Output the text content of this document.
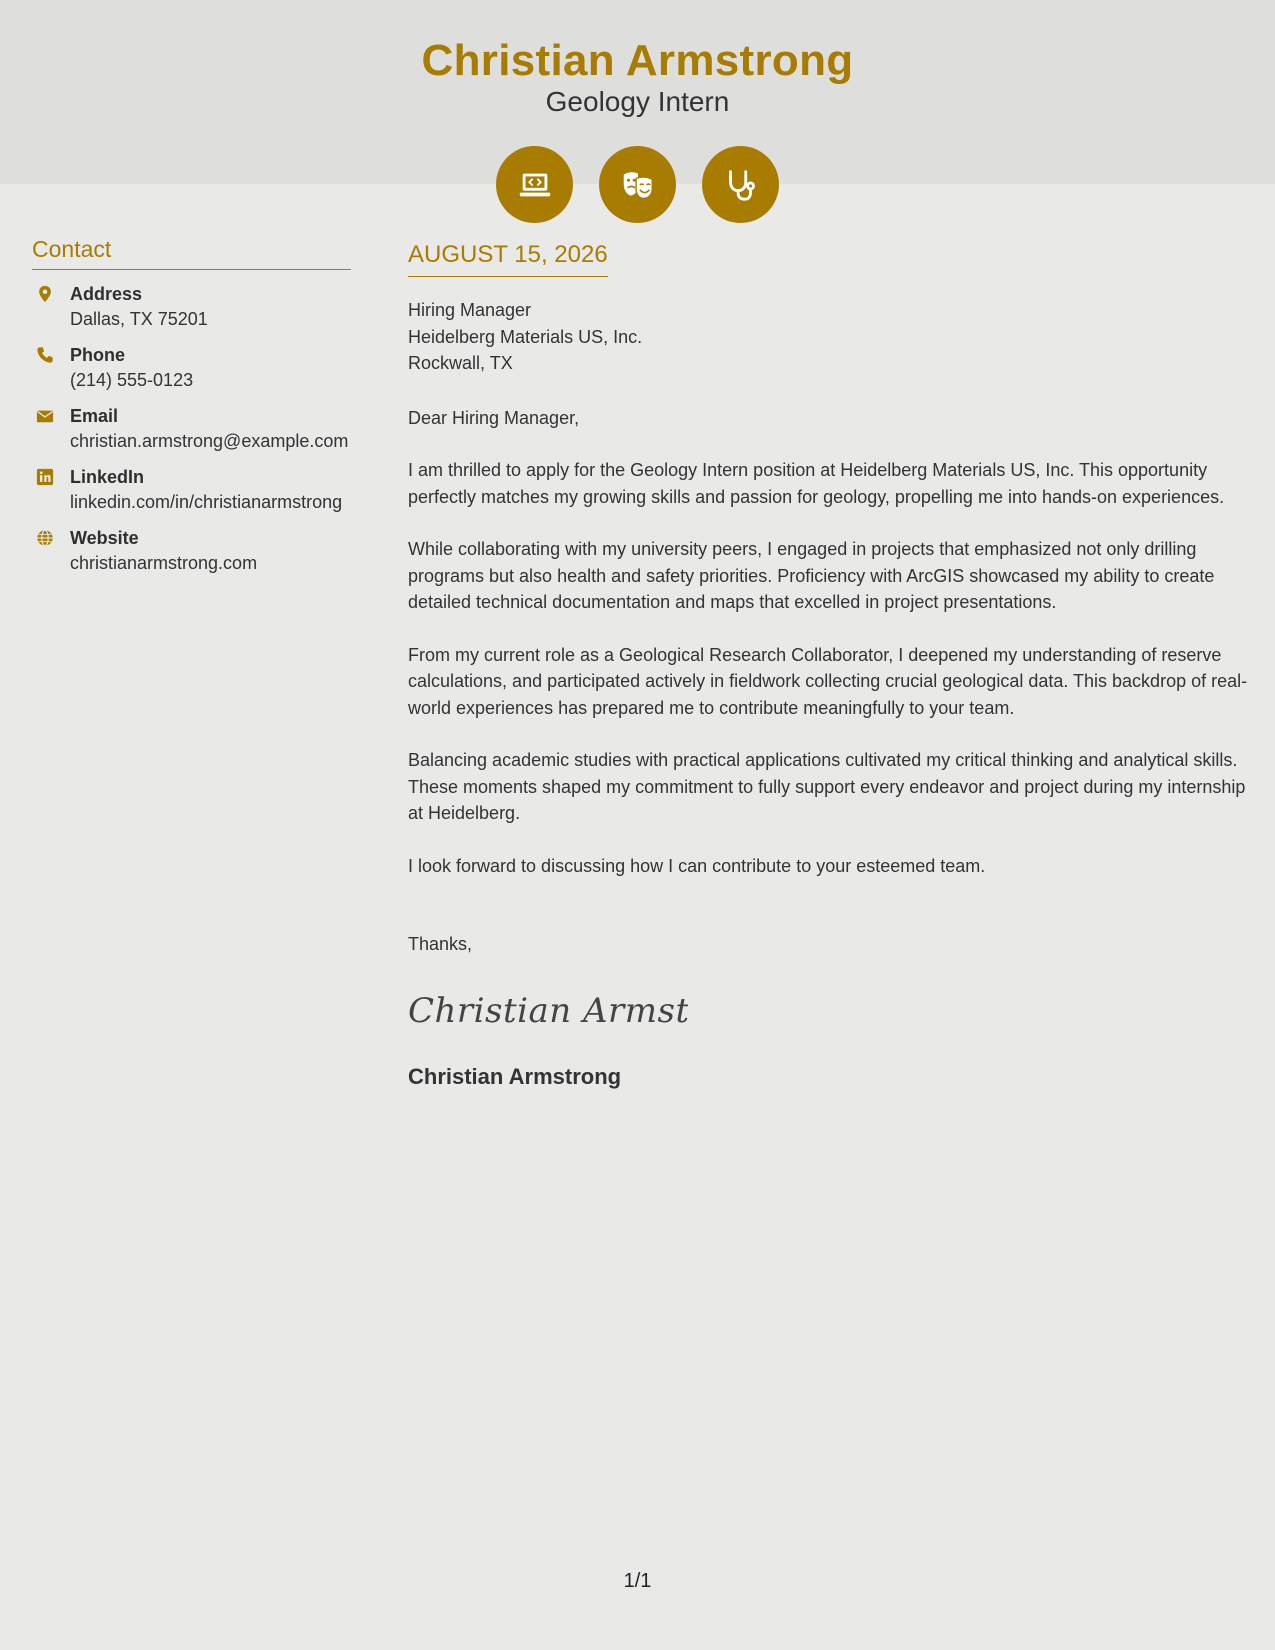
Christian Armstrong
Geology Intern
Contact
Address
Dallas, TX 75201
Phone
(214) 555-0123
Email
christian.armstrong@example.com
LinkedIn
linkedin.com/in/christianarmstrong
Website
christianarmstrong.com
AUGUST 15, 2026
Hiring Manager
Heidelberg Materials US, Inc.
Rockwall, TX
Dear Hiring Manager,
I am thrilled to apply for the Geology Intern position at Heidelberg Materials US, Inc. This opportunity perfectly matches my growing skills and passion for geology, propelling me into hands-on experiences.
While collaborating with my university peers, I engaged in projects that emphasized not only drilling programs but also health and safety priorities. Proficiency with ArcGIS showcased my ability to create detailed technical documentation and maps that excelled in project presentations.
From my current role as a Geological Research Collaborator, I deepened my understanding of reserve calculations, and participated actively in fieldwork collecting crucial geological data. This backdrop of real-world experiences has prepared me to contribute meaningfully to your team.
Balancing academic studies with practical applications cultivated my critical thinking and analytical skills. These moments shaped my commitment to fully support every endeavor and project during my internship at Heidelberg.
I look forward to discussing how I can contribute to your esteemed team.
Thanks,
Christian Armst
Christian Armstrong
1/1
